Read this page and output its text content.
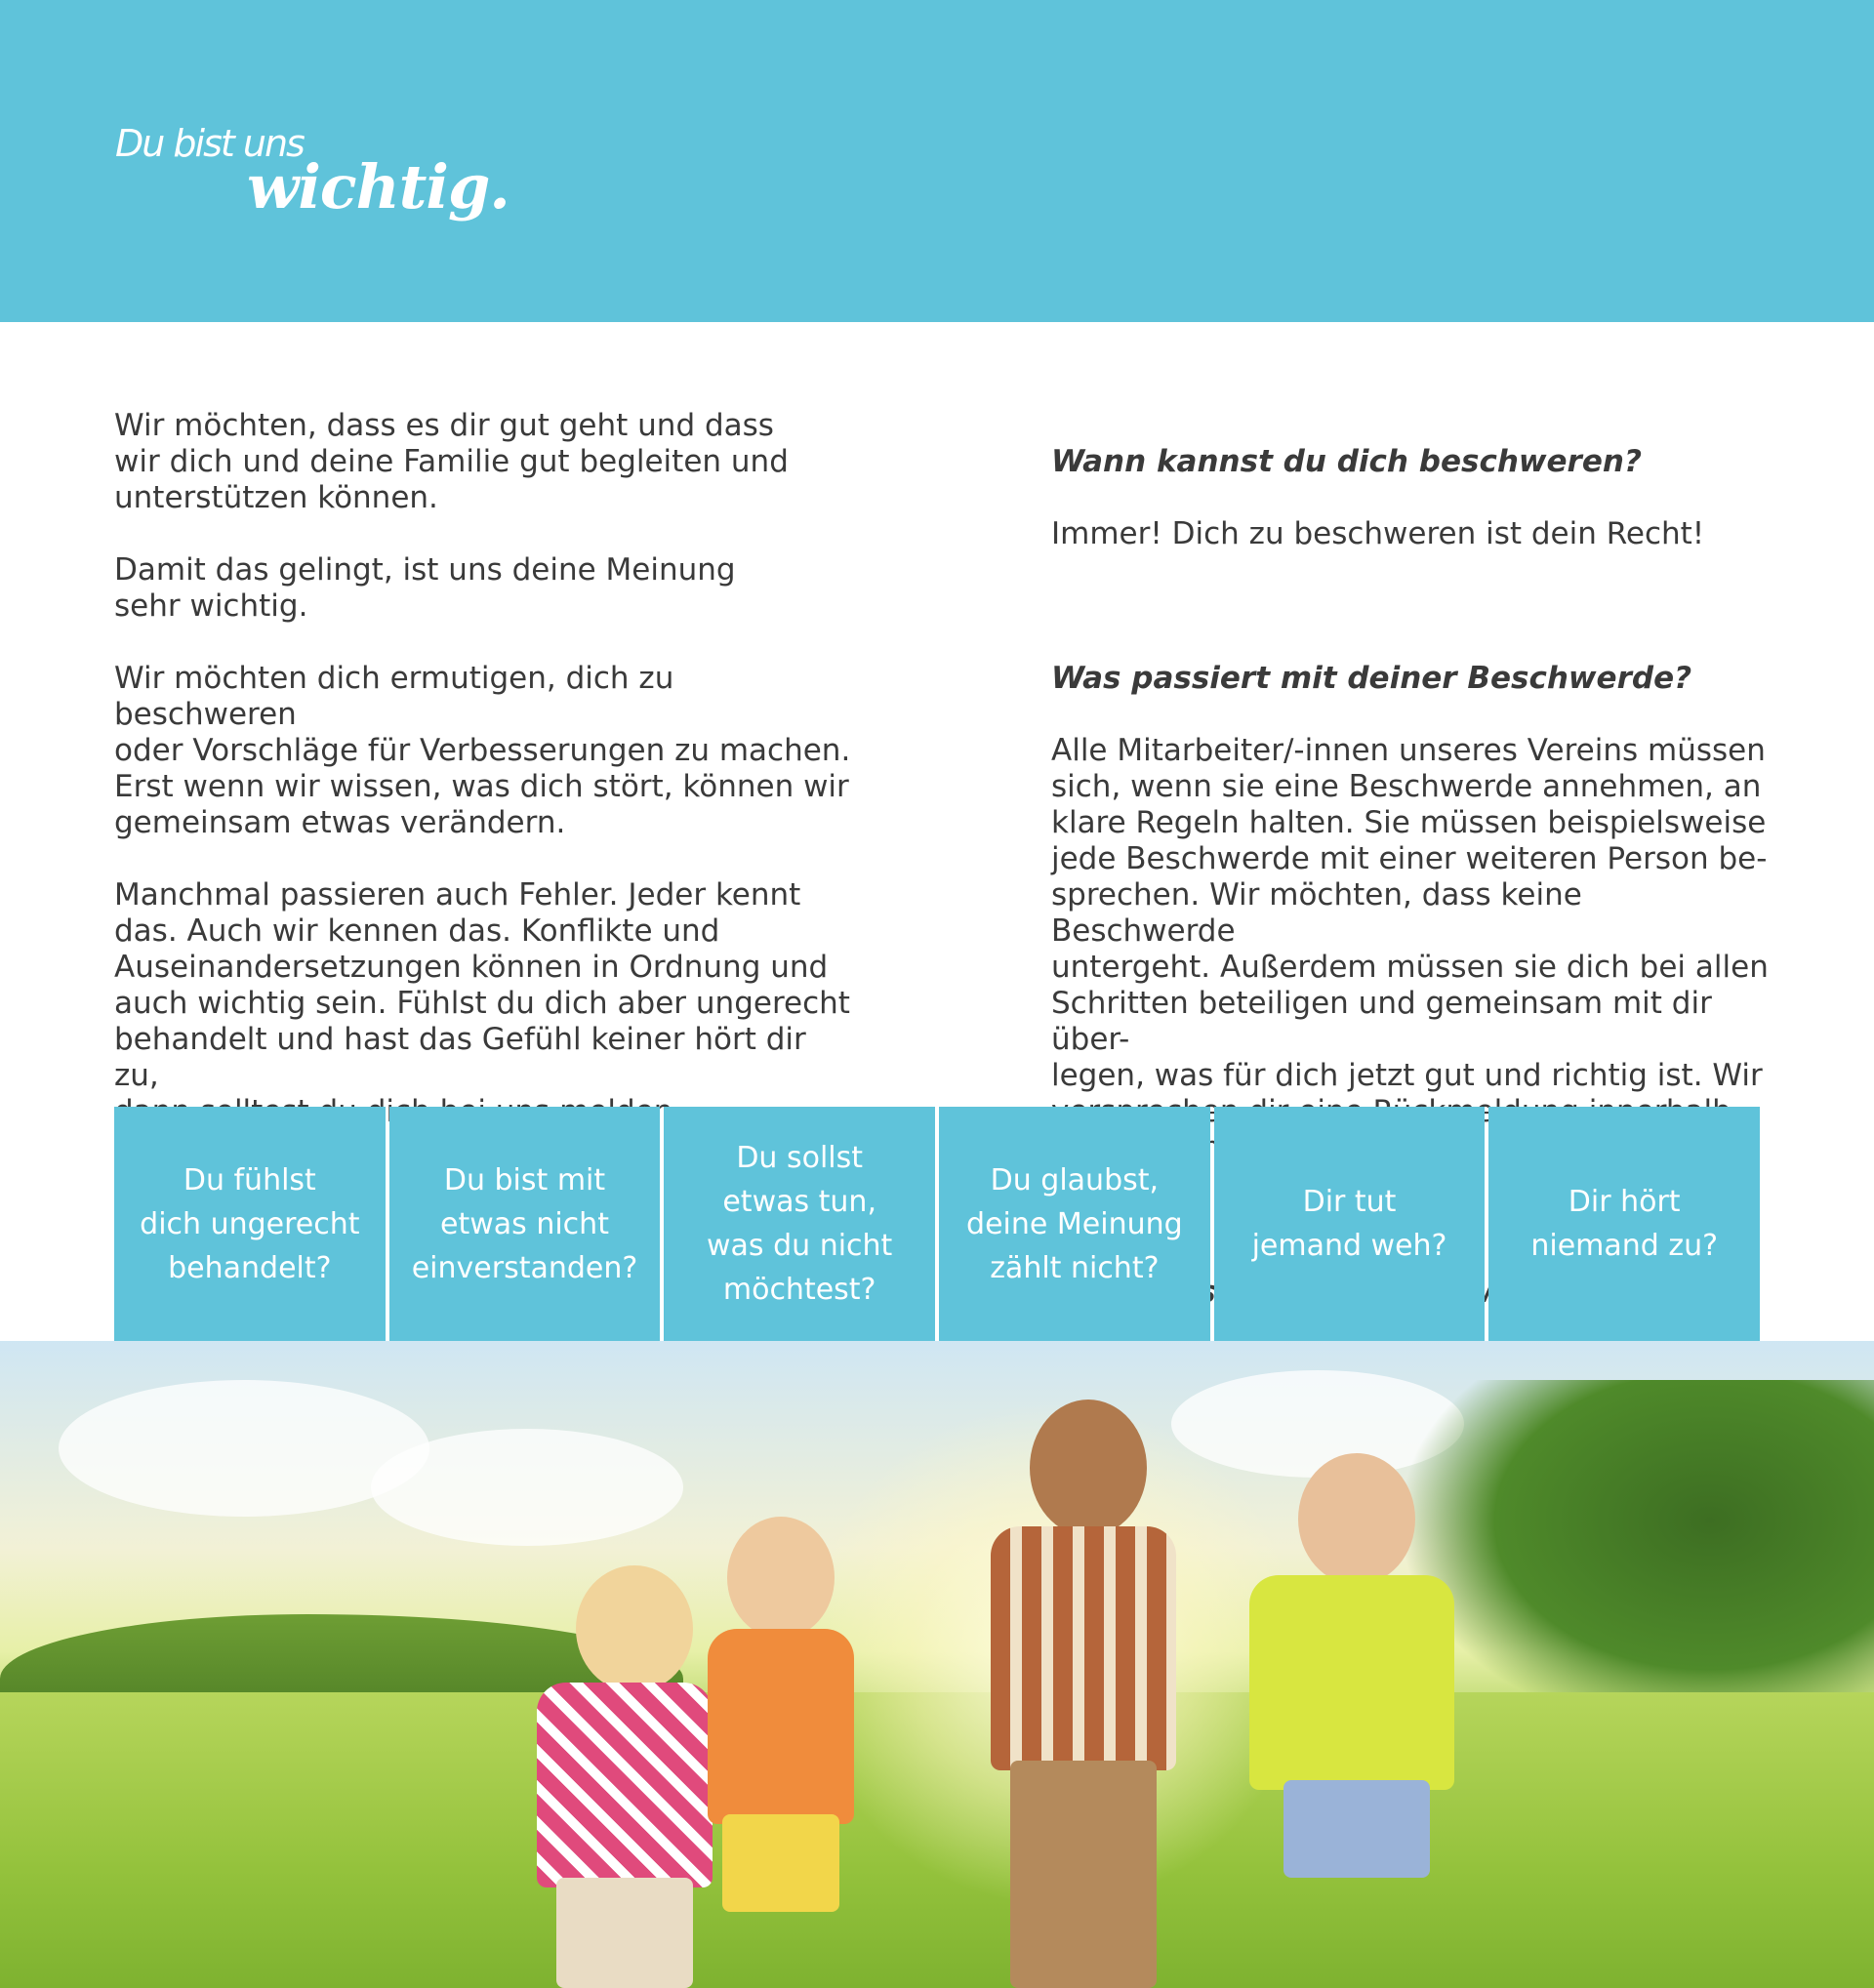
Du bist uns
wichtig.

Wir möchten, dass es dir gut geht und dass
wir dich und deine Familie gut begleiten und
unterstützen können.

Damit das gelingt, ist uns deine Meinung
sehr wichtig.

Wir möchten dich ermutigen, dich zu beschweren
oder Vorschläge für Verbesserungen zu machen.
Erst wenn wir wissen, was dich stört, können wir
gemeinsam etwas verändern.

Manchmal passieren auch Fehler. Jeder kennt
das. Auch wir kennen das. Konflikte und
Auseinandersetzungen können in Ordnung und
auch wichtig sein. Fühlst du dich aber ungerecht
behandelt und hast das Gefühl keiner hört dir zu,

Wann kannst du dich beschweren?

Immer! Dich zu beschweren ist dein Recht!

Was passiert mit deiner Beschwerde?

Alle Mitarbeiter/-innen unseres Vereins müssen
sich, wenn sie eine Beschwerde annehmen, an
klare Regeln halten. Sie müssen beispielsweise
jede Beschwerde mit einer weiteren Person be-
sprechen. Wir möchten, dass keine Beschwerde
untergeht. Außerdem müssen sie dich bei allen
Schritten beteiligen und gemeinsam mit dir über-
legen, was für dich jetzt gut und richtig ist. Wir

Du fühlst
dich ungerecht
behandelt?
Du bist mit
etwas nicht
einverstanden?
Du sollst
etwas tun,
was du nicht
möchtest?
Du glaubst,
deine Meinung
zählt nicht?
Dir tut
jemand weh?
Dir hört
niemand zu?
